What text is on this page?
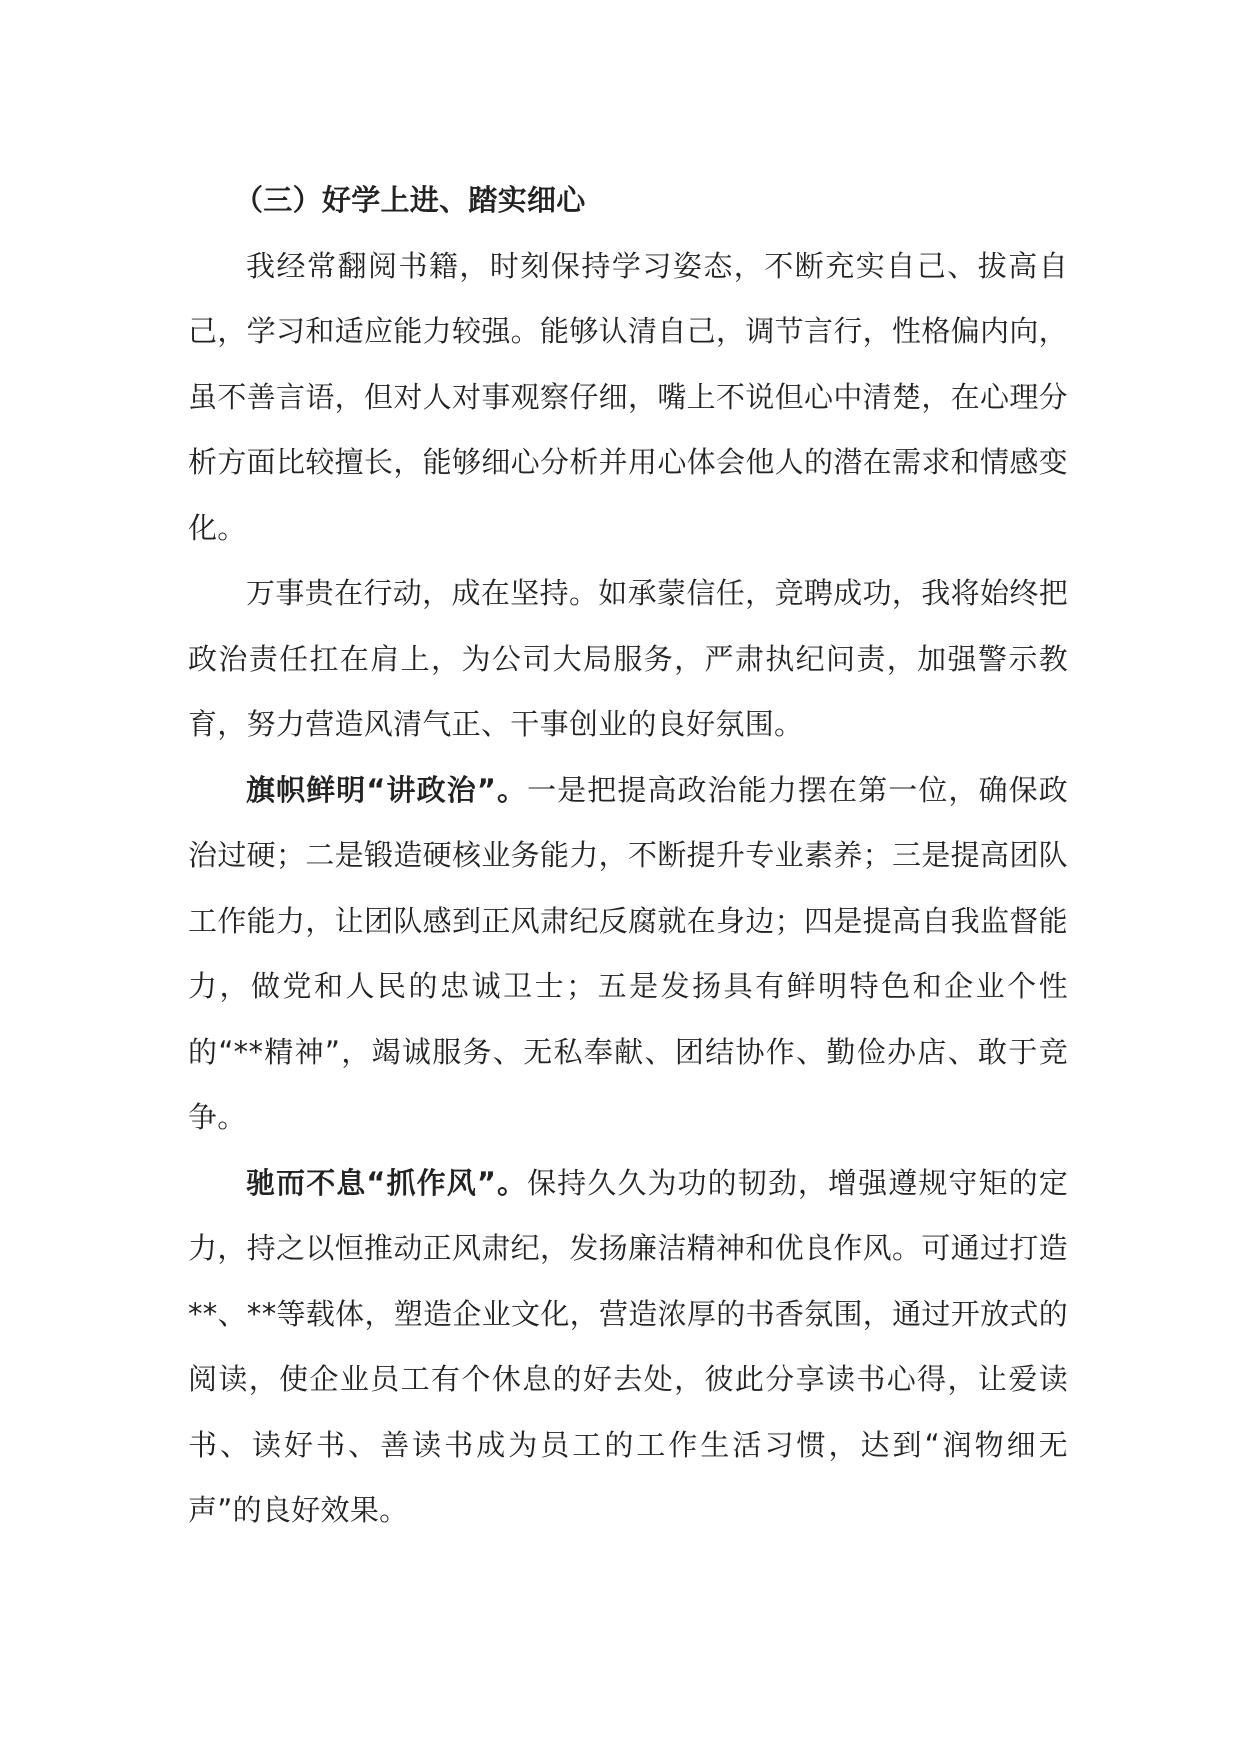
（三）好学上进、踏实细心

我经常翻阅书籍，时刻保持学习姿态，不断充实自己、拔高自己，学习和适应能力较强。能够认清自己，调节言行，性格偏内向，虽不善言语，但对人对事观察仔细，嘴上不说但心中清楚，在心理分析方面比较擅长，能够细心分析并用心体会他人的潜在需求和情感变化。

万事贵在行动，成在坚持。如承蒙信任，竞聘成功，我将始终把政治责任扛在肩上，为公司大局服务，严肃执纪问责，加强警示教育，努力营造风清气正、干事创业的良好氛围。

旗帜鲜明“讲政治”。一是把提高政治能力摆在第一位，确保政治过硬；二是锻造硬核业务能力，不断提升专业素养；三是提高团队工作能力，让团队感到正风肃纪反腐就在身边；四是提高自我监督能力，做党和人民的忠诚卫士；五是发扬具有鲜明特色和企业个性的“**精神”，竭诚服务、无私奉献、团结协作、勤俭办店、敢于竞争。

驰而不息“抓作风”。保持久久为功的韧劲，增强遵规守矩的定力，持之以恒推动正风肃纪，发扬廉洁精神和优良作风。可通过打造 **、**等载体，塑造企业文化，营造浓厚的书香氛围，通过开放式的阅读，使企业员工有个休息的好去处，彼此分享读书心得，让爱读书、读好书、善读书成为员工的工作生活习惯，达到“润物细无声”的良好效果。
